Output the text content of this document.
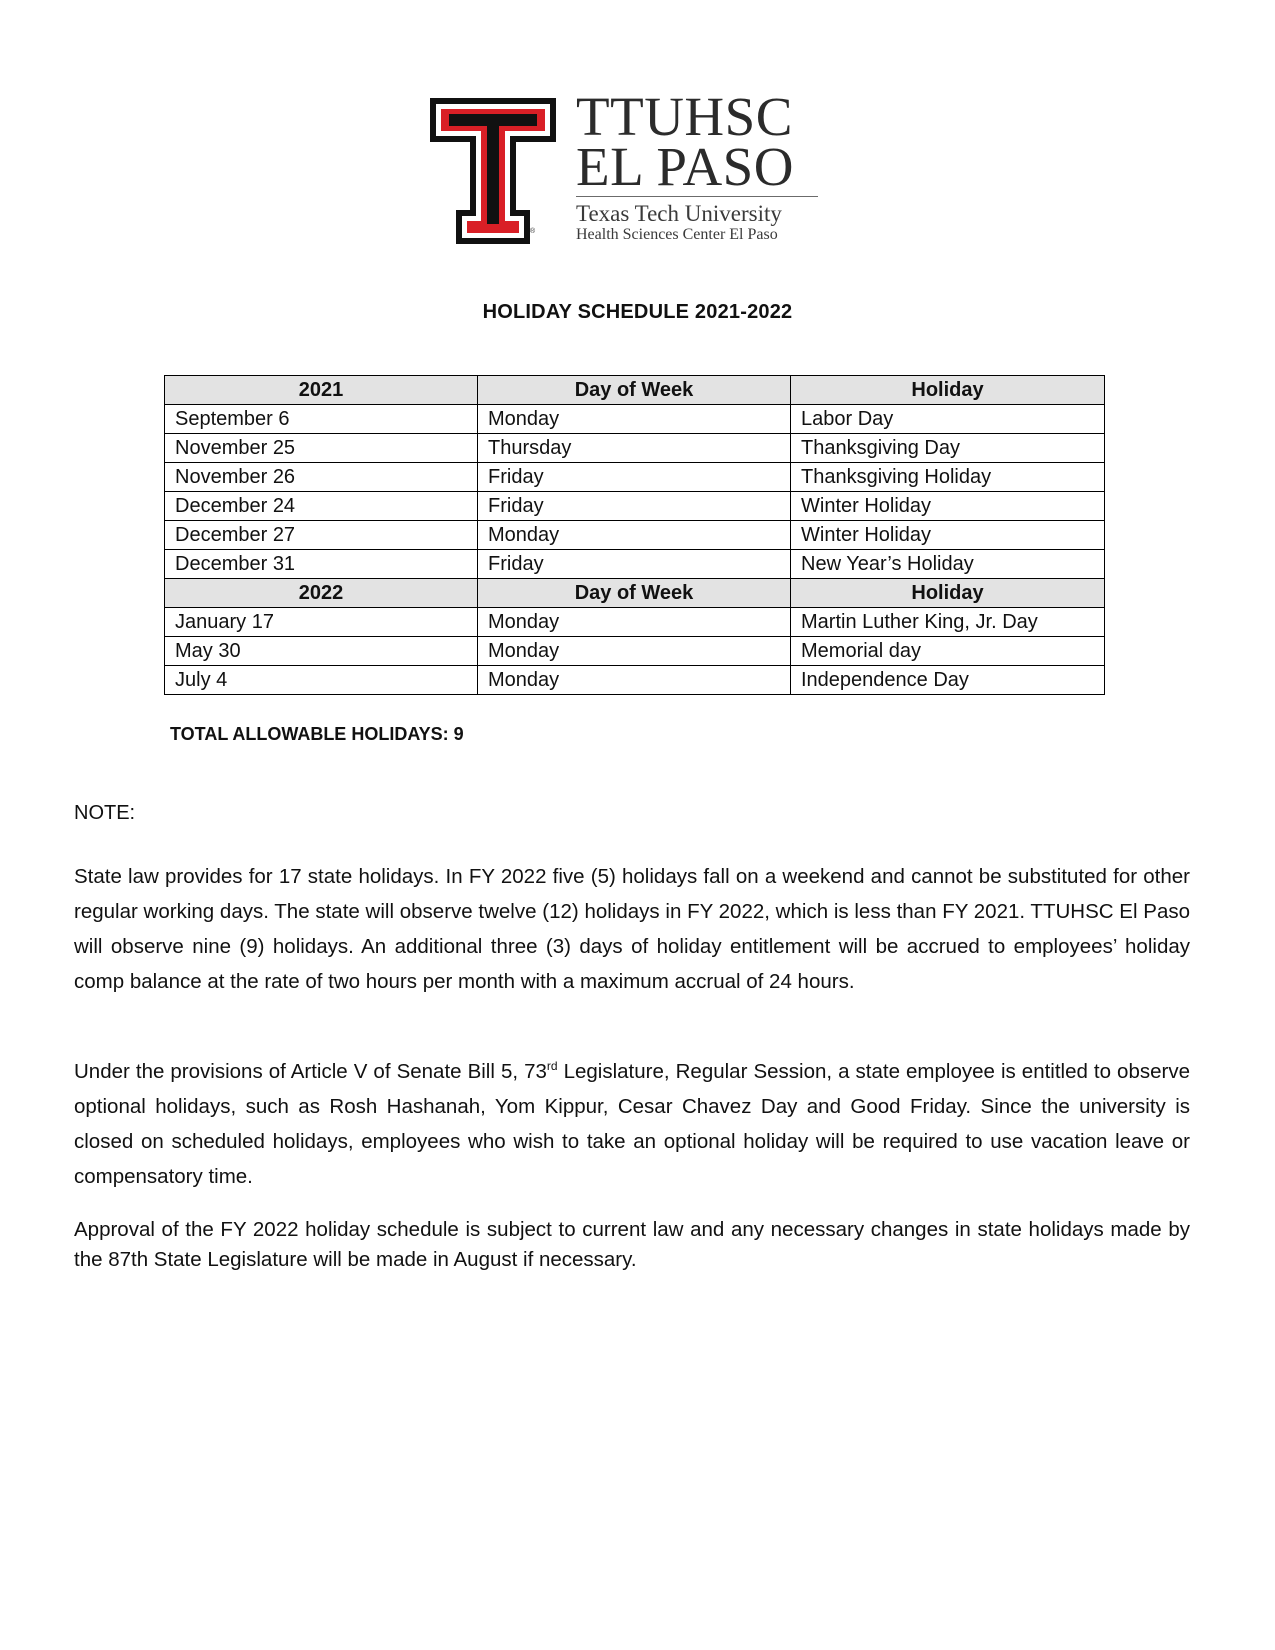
®
TTUHSC
EL PASO
Texas Tech University
Health Sciences Center El Paso
HOLIDAY SCHEDULE 2021-2022
2021	Day of Week	Holiday
September 6	Monday	Labor Day
November 25	Thursday	Thanksgiving Day
November 26	Friday	Thanksgiving Holiday
December 24	Friday	Winter Holiday
December 27	Monday	Winter Holiday
December 31	Friday	New Year’s Holiday
2022	Day of Week	Holiday
January 17	Monday	Martin Luther King, Jr. Day
May 30	Monday	Memorial day
July 4	Monday	Independence Day
TOTAL ALLOWABLE HOLIDAYS: 9
NOTE:

State law provides for 17 state holidays. In FY 2022 five (5) holidays fall on a weekend and cannot be substituted for other regular working days. The state will observe twelve (12) holidays in FY 2022, which is less than FY 2021. TTUHSC El Paso will observe nine (9) holidays. An additional three (3) days of holiday entitlement will be accrued to employees’ holiday comp balance at the rate of two hours per month with a maximum accrual of 24 hours.

Under the provisions of Article V of Senate Bill 5, 73rd Legislature, Regular Session, a state employee is entitled to observe optional holidays, such as Rosh Hashanah, Yom Kippur, Cesar Chavez Day and Good Friday. Since the university is closed on scheduled holidays, employees who wish to take an optional holiday will be required to use vacation leave or compensatory time.

Approval of the FY 2022 holiday schedule is subject to current law and any necessary changes in state holidays made by the 87th State Legislature will be made in August if necessary.
